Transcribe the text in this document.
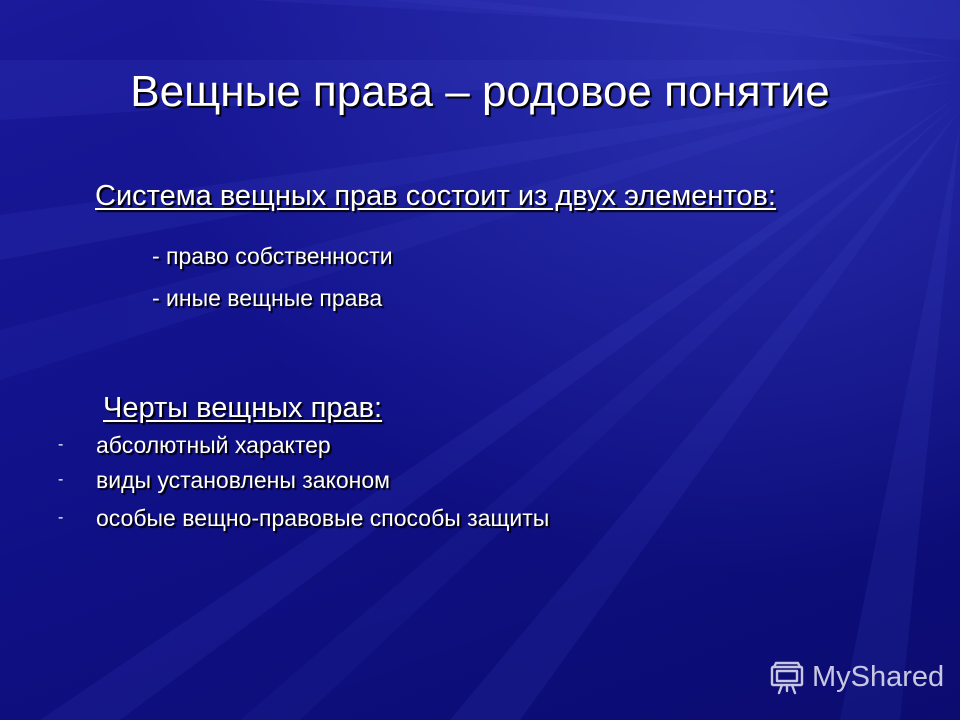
Вещные права – родовое понятие
Система вещных прав состоит из двух элементов:
- право собственности
- иные вещные права
Черты вещных прав:
- абсолютный характер
- виды установлены законом
- особые вещно-правовые способы защиты
MyShared
